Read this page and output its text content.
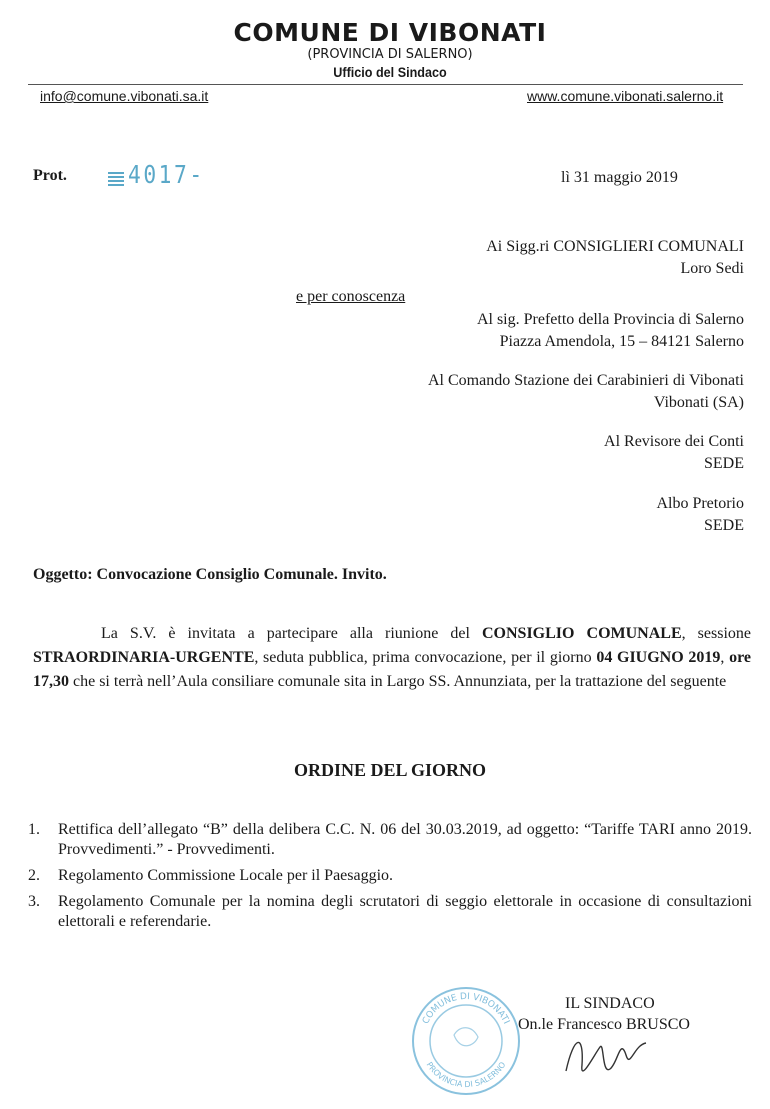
COMUNE DI VIBONATI
(PROVINCIA DI SALERNO)
Ufficio del Sindaco
info@comune.vibonati.sa.it	www.comune.vibonati.salerno.it
Prot. 4017-	lì 31 maggio 2019
Ai Sigg.ri CONSIGLIERI COMUNALI
Loro Sedi
e per conoscenza
Al sig. Prefetto della Provincia di Salerno
Piazza Amendola, 15 – 84121 Salerno
Al Comando Stazione dei Carabinieri di Vibonati
Vibonati (SA)
Al Revisore dei Conti
SEDE
Albo Pretorio
SEDE
Oggetto: Convocazione Consiglio Comunale. Invito.

La S.V. è invitata a partecipare alla riunione del CONSIGLIO COMUNALE, sessione STRAORDINARIA-URGENTE, seduta pubblica, prima convocazione, per il giorno 04 GIUGNO 2019, ore 17,30 che si terrà nell’Aula consiliare comunale sita in Largo SS. Annunziata, per la trattazione del seguente

ORDINE DEL GIORNO
1. Rettifica dell’allegato “B” della delibera C.C. N. 06 del 30.03.2019, ad oggetto: “Tariffe TARI anno 2019. Provvedimenti.” - Provvedimenti.
2. Regolamento Commissione Locale per il Paesaggio.
3. Regolamento Comunale per la nomina degli scrutatori di seggio elettorale in occasione di consultazioni elettorali e referendarie.
COMUNE DI VIBONATI
PROVINCIA DI SALERNO
IL SINDACO
On.le Francesco BRUSCO
